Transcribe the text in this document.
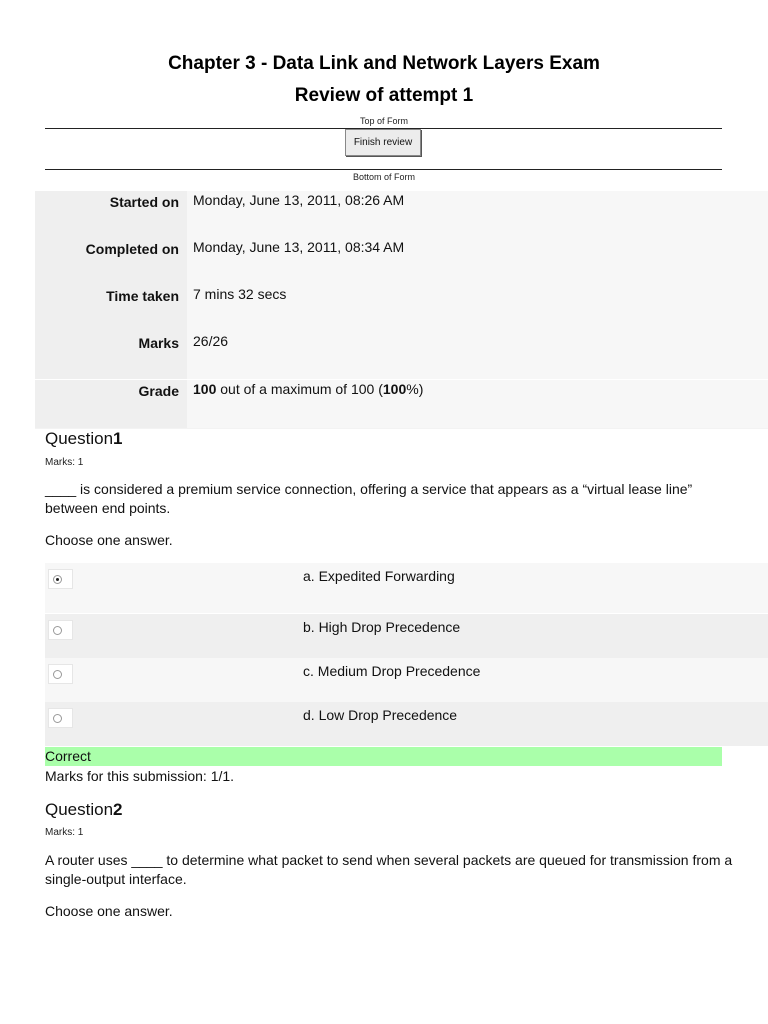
Chapter 3 - Data Link and Network Layers Exam
Review of attempt 1
Top of Form
Finish review
Bottom of Form
Started on Monday, June 13, 2011, 08:26 AM
Completed on Monday, June 13, 2011, 08:34 AM
Time taken 7 mins 32 secs
Marks 26/26
Grade 100 out of a maximum of 100 (100%)
Question1
Marks: 1
____ is considered a premium service connection, offering a service that appears as a “virtual lease line” between end points.
Choose one answer.
a. Expedited Forwarding
b. High Drop Precedence
c. Medium Drop Precedence
d. Low Drop Precedence
Correct
Marks for this submission: 1/1.
Question2
Marks: 1
A router uses ____ to determine what packet to send when several packets are queued for transmission from a single-output interface.
Choose one answer.
